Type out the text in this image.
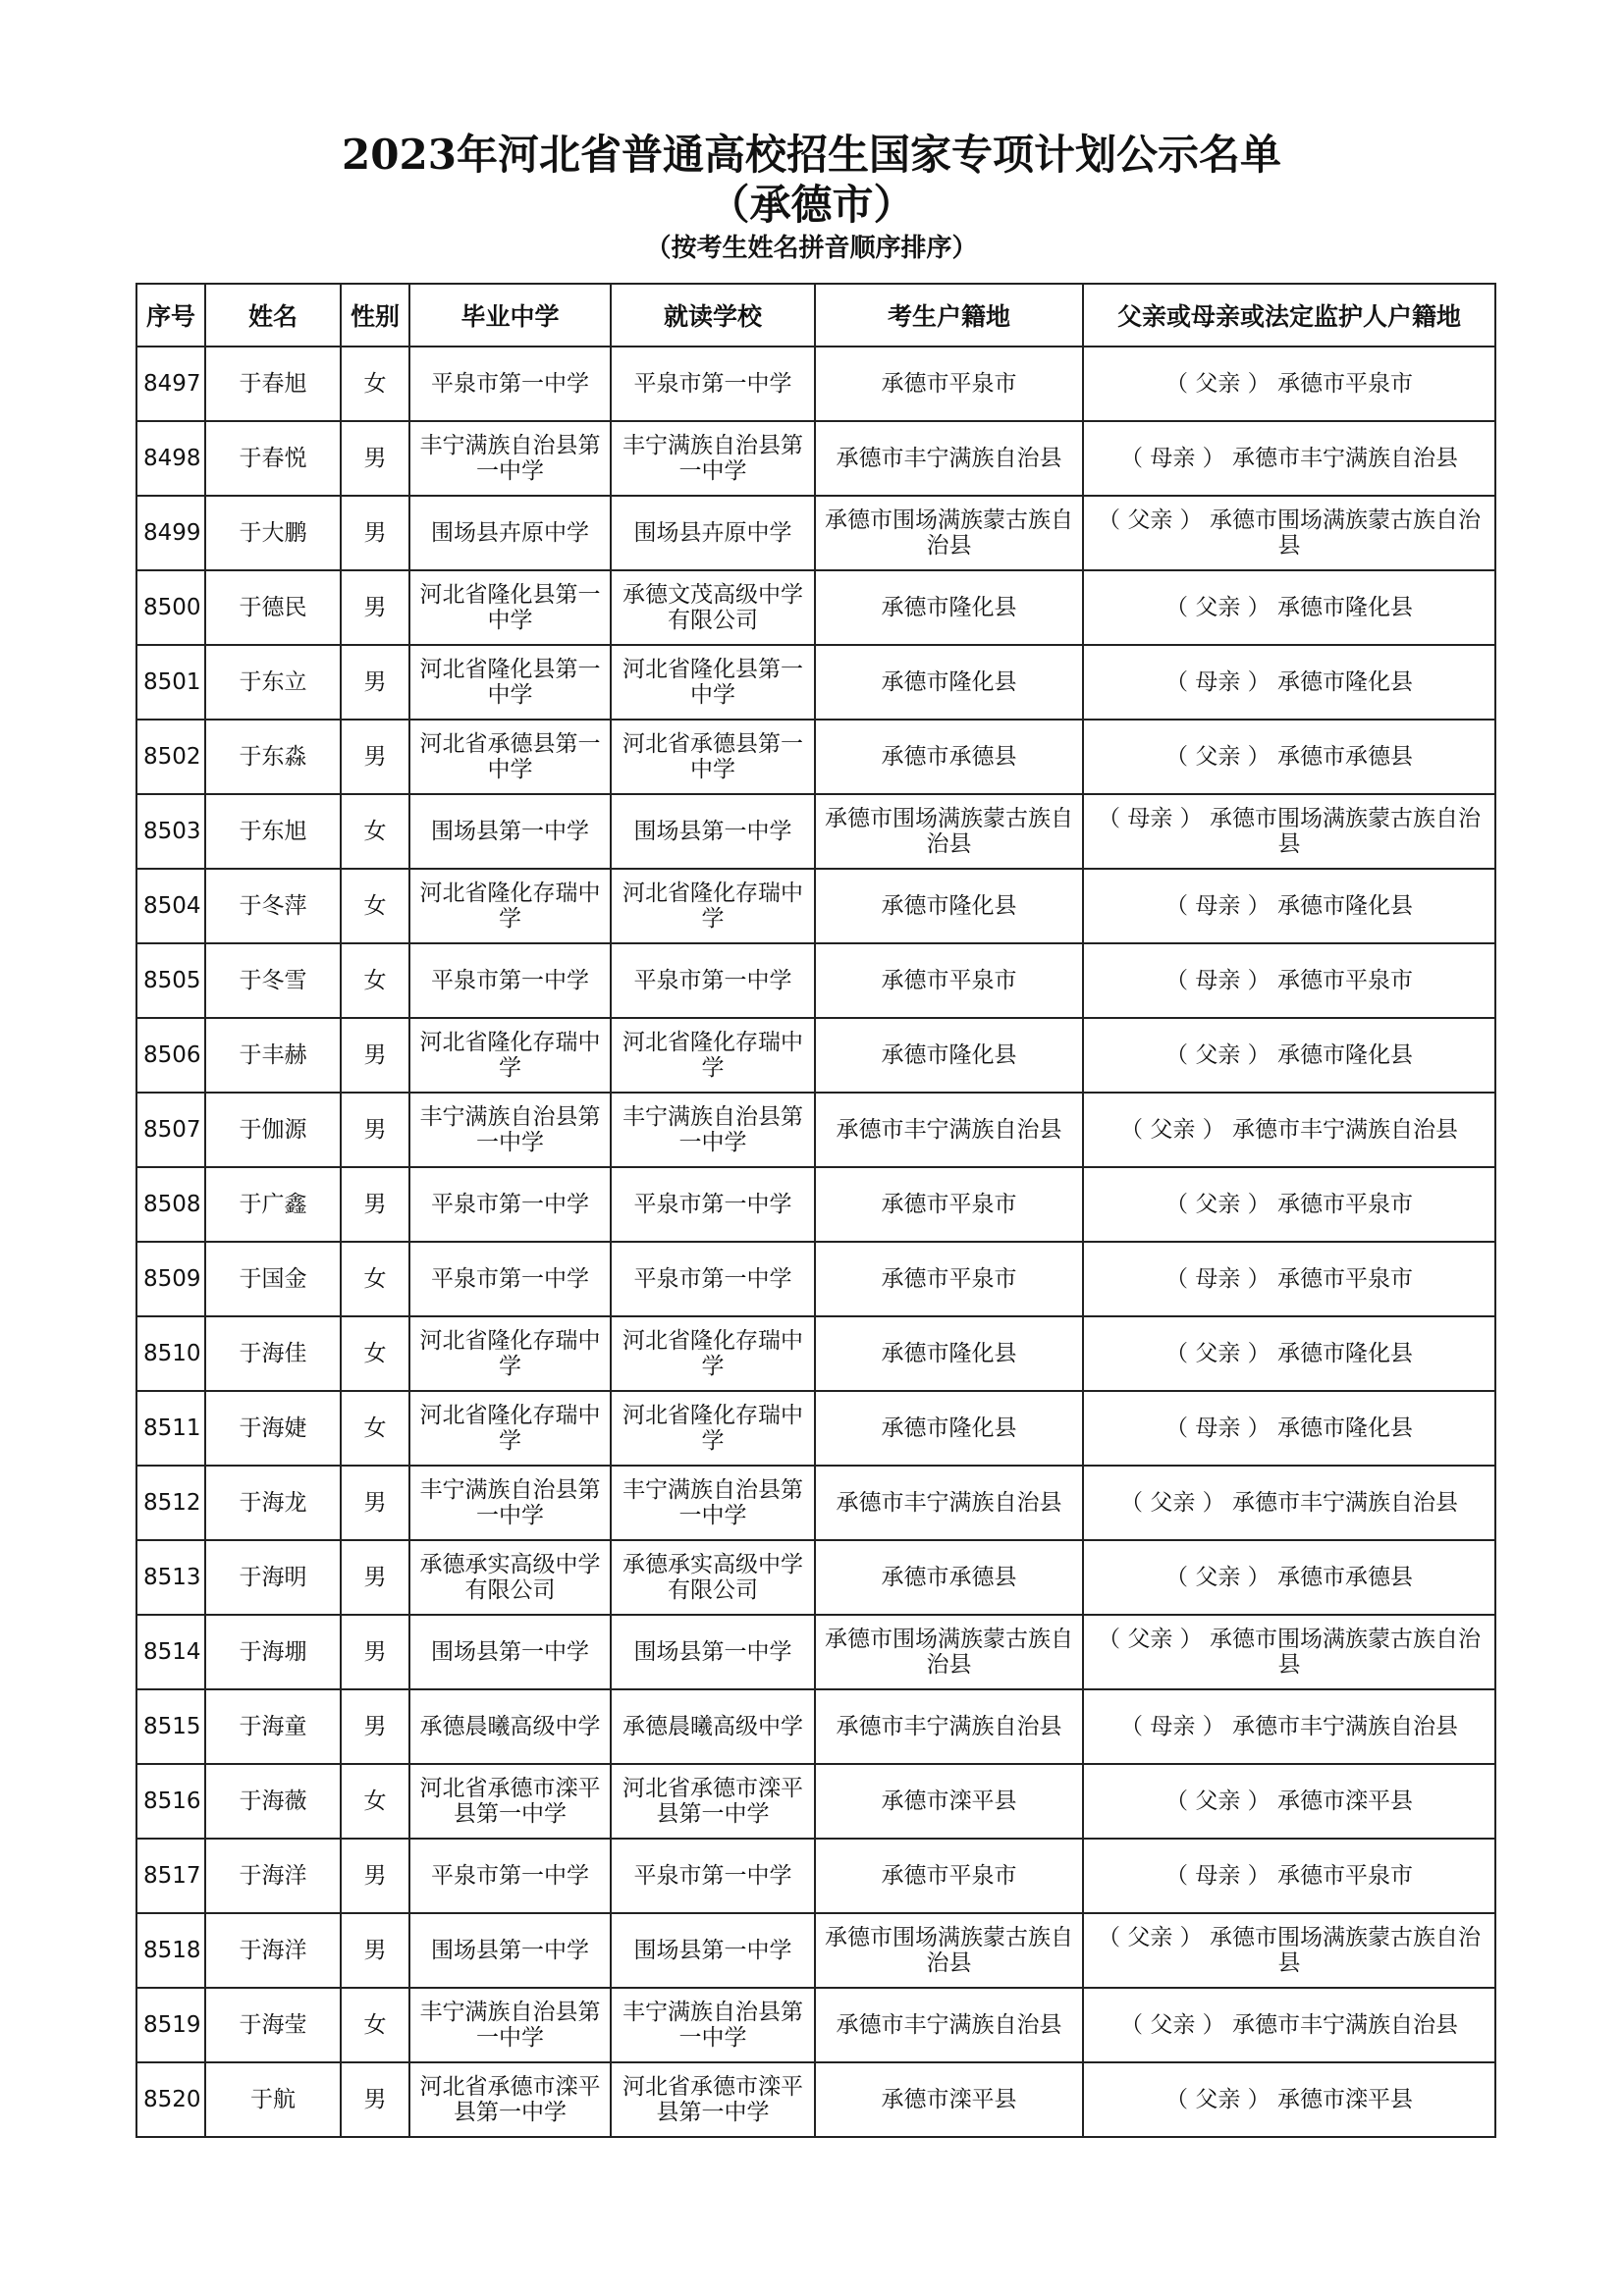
2023年河北省普通高校招生国家专项计划公示名单
（承德市）
（按考生姓名拼音顺序排序）
序号	姓名	性别	毕业中学	就读学校	考生户籍地	父亲或母亲或法定监护人户籍地
8497	于春旭	女	平泉市第一中学	平泉市第一中学	承德市平泉市	（ 父亲 ） 承德市平泉市
8498	于春悦	男	丰宁满族自治县第一中学	丰宁满族自治县第一中学	承德市丰宁满族自治县	（ 母亲 ） 承德市丰宁满族自治县
8499	于大鹏	男	围场县卉原中学	围场县卉原中学	承德市围场满族蒙古族自治县	（ 父亲 ） 承德市围场满族蒙古族自治县
8500	于德民	男	河北省隆化县第一中学	承德文茂高级中学有限公司	承德市隆化县	（ 父亲 ） 承德市隆化县
8501	于东立	男	河北省隆化县第一中学	河北省隆化县第一中学	承德市隆化县	（ 母亲 ） 承德市隆化县
8502	于东淼	男	河北省承德县第一中学	河北省承德县第一中学	承德市承德县	（ 父亲 ） 承德市承德县
8503	于东旭	女	围场县第一中学	围场县第一中学	承德市围场满族蒙古族自治县	（ 母亲 ） 承德市围场满族蒙古族自治县
8504	于冬萍	女	河北省隆化存瑞中学	河北省隆化存瑞中学	承德市隆化县	（ 母亲 ） 承德市隆化县
8505	于冬雪	女	平泉市第一中学	平泉市第一中学	承德市平泉市	（ 母亲 ） 承德市平泉市
8506	于丰赫	男	河北省隆化存瑞中学	河北省隆化存瑞中学	承德市隆化县	（ 父亲 ） 承德市隆化县
8507	于伽源	男	丰宁满族自治县第一中学	丰宁满族自治县第一中学	承德市丰宁满族自治县	（ 父亲 ） 承德市丰宁满族自治县
8508	于广鑫	男	平泉市第一中学	平泉市第一中学	承德市平泉市	（ 父亲 ） 承德市平泉市
8509	于国金	女	平泉市第一中学	平泉市第一中学	承德市平泉市	（ 母亲 ） 承德市平泉市
8510	于海佳	女	河北省隆化存瑞中学	河北省隆化存瑞中学	承德市隆化县	（ 父亲 ） 承德市隆化县
8511	于海婕	女	河北省隆化存瑞中学	河北省隆化存瑞中学	承德市隆化县	（ 母亲 ） 承德市隆化县
8512	于海龙	男	丰宁满族自治县第一中学	丰宁满族自治县第一中学	承德市丰宁满族自治县	（ 父亲 ） 承德市丰宁满族自治县
8513	于海明	男	承德承实高级中学有限公司	承德承实高级中学有限公司	承德市承德县	（ 父亲 ） 承德市承德县
8514	于海堋	男	围场县第一中学	围场县第一中学	承德市围场满族蒙古族自治县	（ 父亲 ） 承德市围场满族蒙古族自治县
8515	于海童	男	承德晨曦高级中学	承德晨曦高级中学	承德市丰宁满族自治县	（ 母亲 ） 承德市丰宁满族自治县
8516	于海薇	女	河北省承德市滦平县第一中学	河北省承德市滦平县第一中学	承德市滦平县	（ 父亲 ） 承德市滦平县
8517	于海洋	男	平泉市第一中学	平泉市第一中学	承德市平泉市	（ 母亲 ） 承德市平泉市
8518	于海洋	男	围场县第一中学	围场县第一中学	承德市围场满族蒙古族自治县	（ 父亲 ） 承德市围场满族蒙古族自治县
8519	于海莹	女	丰宁满族自治县第一中学	丰宁满族自治县第一中学	承德市丰宁满族自治县	（ 父亲 ） 承德市丰宁满族自治县
8520	于航	男	河北省承德市滦平县第一中学	河北省承德市滦平县第一中学	承德市滦平县	（ 父亲 ） 承德市滦平县
